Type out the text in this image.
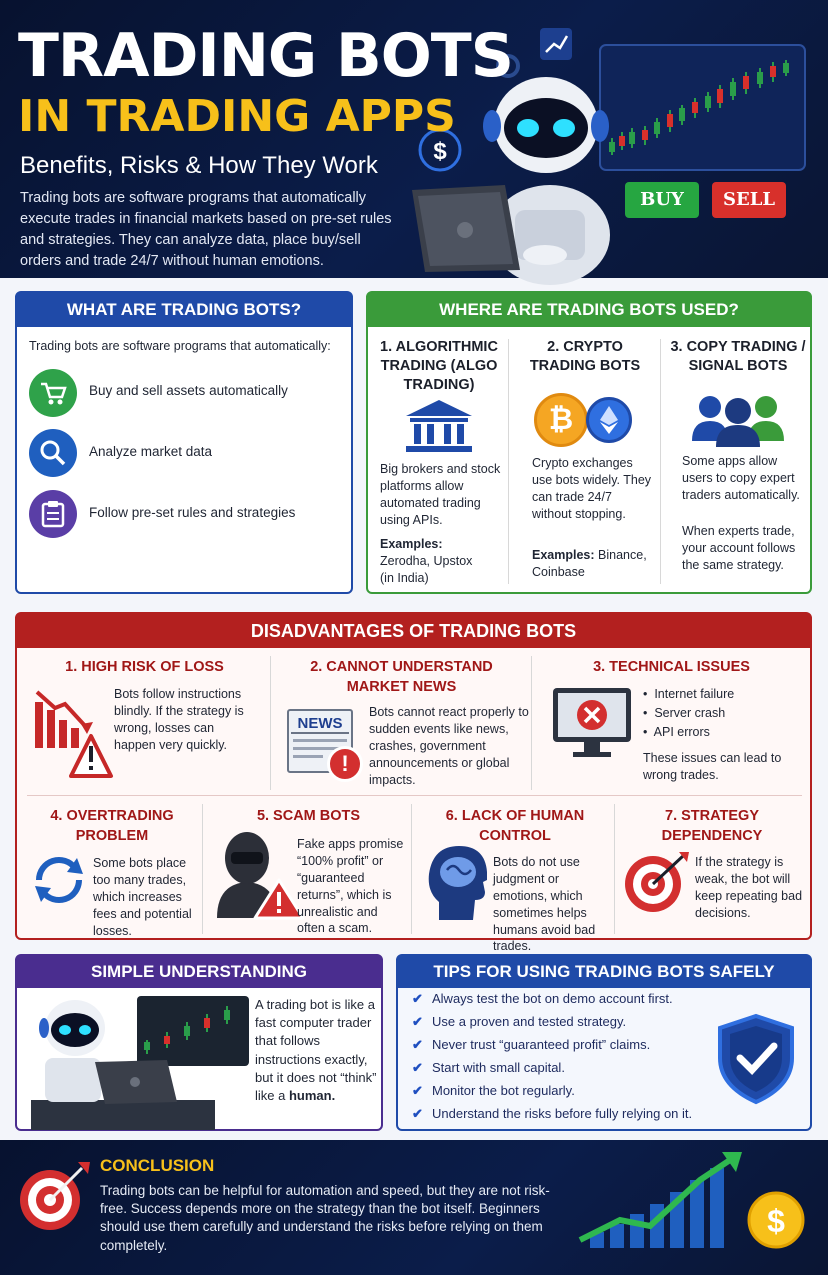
$
TRADING BOTS
IN TRADING APPS
Benefits, Risks & How They Work
Trading bots are software programs that automatically execute trades in financial markets based on pre-set rules and strategies. They can analyze data, place buy/sell orders and trade 24/7 without human emotions.
BUY	SELL
WHAT ARE TRADING BOTS?
Trading bots are software programs that automatically:
Buy and sell assets automatically
Analyze market data
Follow pre-set rules and strategies
WHERE ARE TRADING BOTS USED?
1. ALGORITHMIC TRADING (ALGO TRADING)
Big brokers and stock platforms allow automated trading using APIs.
Examples:
Zerodha, Upstox (in India)
2. CRYPTO TRADING BOTS
₿
Crypto exchanges use bots widely. They can trade 24/7 without stopping.
Examples: Binance, Coinbase
3. COPY TRADING / SIGNAL BOTS
Some apps allow users to copy expert traders automatically.
When experts trade, your account follows the same strategy.
DISADVANTAGES OF TRADING BOTS
1. HIGH RISK OF LOSS
Bots follow instructions blindly. If the strategy is wrong, losses can happen very quickly.
2. CANNOT UNDERSTAND MARKET NEWS
NEWS
!
Bots cannot react properly to sudden events like news, crashes, government announcements or global impacts.
3. TECHNICAL ISSUES
•  Internet failure
•  Server crash
•  API errors
These issues can lead to wrong trades.
4. OVERTRADING PROBLEM
Some bots place too many trades, which increases fees and potential losses.
5. SCAM BOTS
Fake apps promise “100% profit” or “guaranteed returns”, which is unrealistic and often a scam.
6. LACK OF HUMAN CONTROL
Bots do not use judgment or emotions, which sometimes helps humans avoid bad trades.
7. STRATEGY DEPENDENCY
If the strategy is weak, the bot will keep repeating bad decisions.
SIMPLE UNDERSTANDING
A trading bot is like a fast computer trader that follows instructions exactly, but it does not “think” like a human.
TIPS FOR USING TRADING BOTS SAFELY
✔ Always test the bot on demo account first.
✔ Use a proven and tested strategy.
✔ Never trust “guaranteed profit” claims.
✔ Start with small capital.
✔ Monitor the bot regularly.
✔ Understand the risks before fully relying on it.
$
CONCLUSION
Trading bots can be helpful for automation and speed, but they are not risk-free. Success depends more on the strategy than the bot itself. Beginners should use them carefully and understand the risks before relying on them completely.
